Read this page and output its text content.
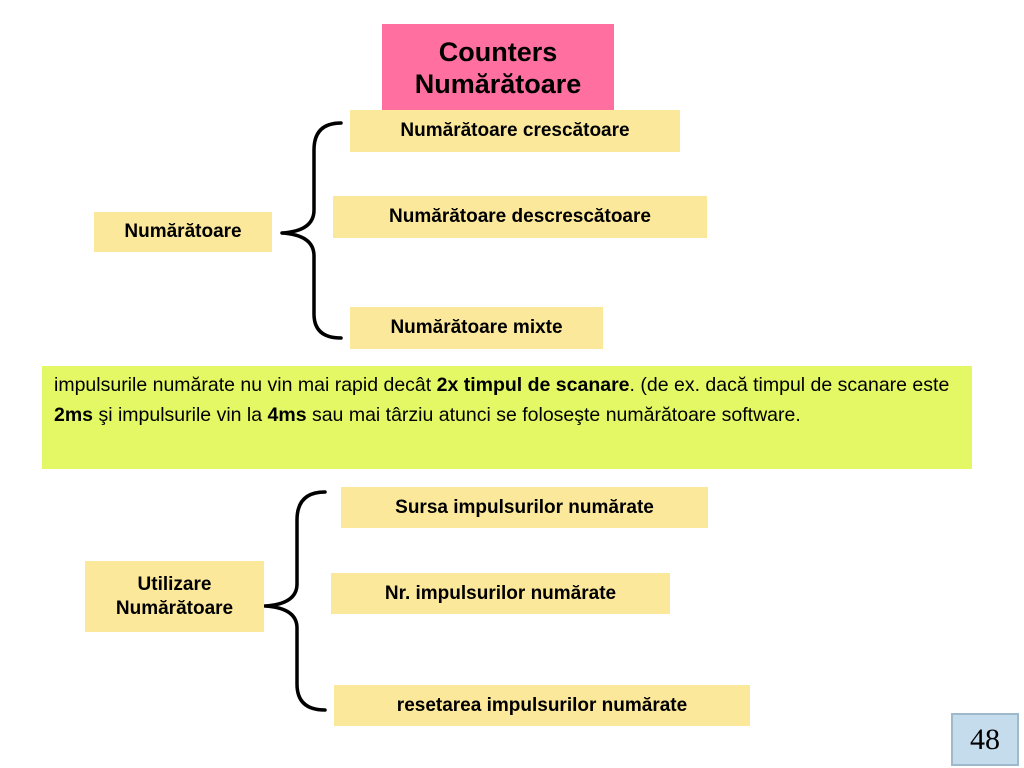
Counters
Numărătoare
Numărătoare
Numărătoare crescătoare
Numărătoare descrescătoare
Numărătoare mixte
impulsurile numărate nu vin mai rapid decât 2x timpul de scanare. (de ex. dacă timpul de scanare este 2ms şi impulsurile vin la 4ms sau mai târziu atunci se foloseşte numărătoare software.
Utilizare
Numărătoare
Sursa impulsurilor numărate
Nr. impulsurilor numărate
resetarea impulsurilor numărate
48
